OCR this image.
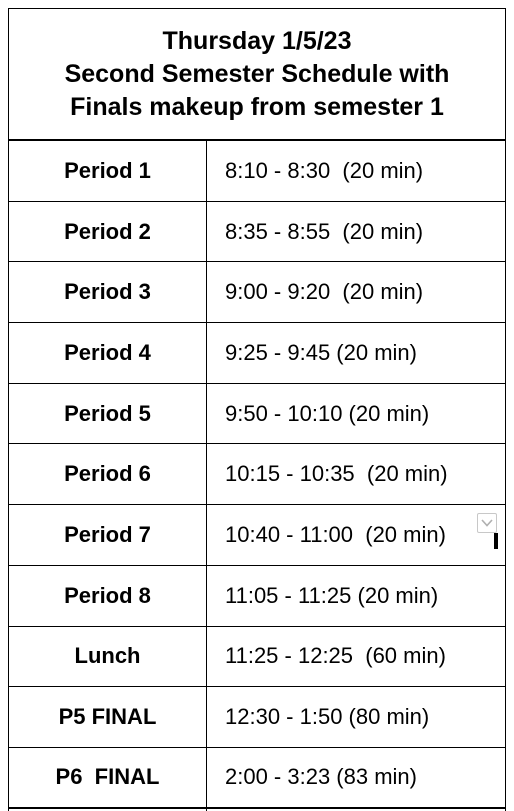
Thursday 1/5/23
Second Semester Schedule with
Finals makeup from semester 1
Period 1	8:10 - 8:30  (20 min)
Period 2	8:35 - 8:55  (20 min)
Period 3	9:00 - 9:20  (20 min)
Period 4	9:25 - 9:45 (20 min)
Period 5	9:50 - 10:10 (20 min)
Period 6	10:15 - 10:35  (20 min)
Period 7	10:40 - 11:00  (20 min)
Period 8	11:05 - 11:25 (20 min)
Lunch	11:25 - 12:25  (60 min)
P5 FINAL	12:30 - 1:50 (80 min)
P6  FINAL	2:00 - 3:23 (83 min)
